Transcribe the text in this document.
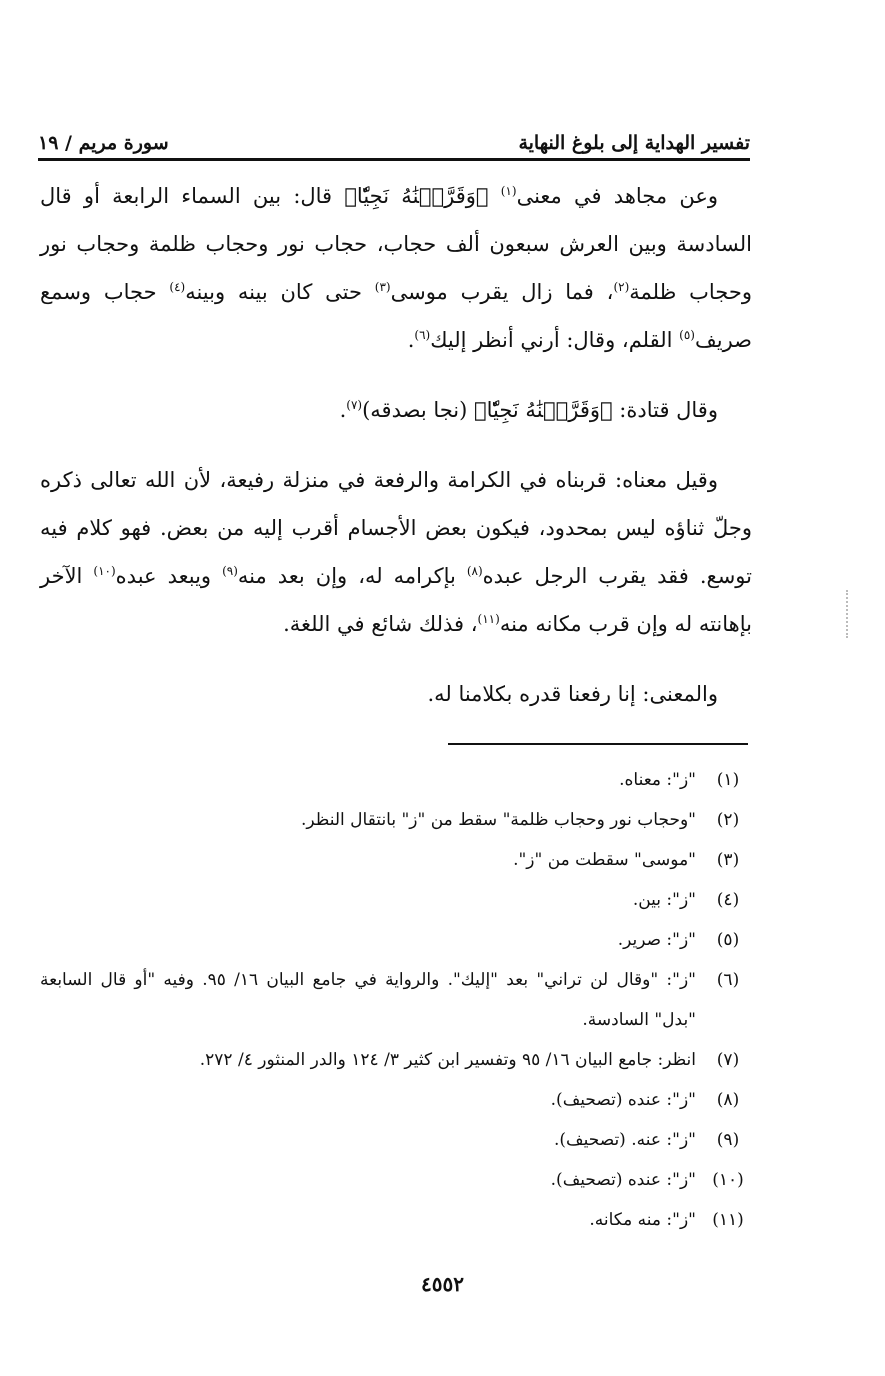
تفسير الهداية إلى بلوغ النهاية
سورة مريم / ١٩

وعن مجاهد في معنى$^{(١)}$ ﴿وَقَرَّبۡنَٰهُ نَجِيّٗا﴾ قال: بين السماء الرابعة أو قال السادسة وبين العرش سبعون ألف حجاب، حجاب نور وحجاب ظلمة وحجاب نور وحجاب ظلمة$^{(٢)}$، فما زال يقرب موسى$^{(٣)}$ حتى كان بينه وبينه$^{(٤)}$ حجاب وسمع صريف$^{(٥)}$ القلم، وقال: أرني أنظر إليك$^{(٦)}$.

وقال قتادة: ﴿وَقَرَّبۡنَٰهُ نَجِيّٗا﴾ (نجا بصدقه)$^{(٧)}$.

وقيل معناه: قربناه في الكرامة والرفعة في منزلة رفيعة، لأن الله تعالى ذكره وجلّ ثناؤه ليس بمحدود، فيكون بعض الأجسام أقرب إليه من بعض. فهو كلام فيه توسع. فقد يقرب الرجل عبده$^{(٨)}$ بإكرامه له، وإن بعد منه$^{(٩)}$ ويبعد عبده$^{(١٠)}$ الآخر بإهانته له وإن قرب مكانه منه$^{(١١)}$، فذلك شائع في اللغة.

والمعنى: إنا رفعنا قدره بكلامنا له.

(١)
"ز": معناه.
(٢)
"وحجاب نور وحجاب ظلمة" سقط من "ز" بانتقال النظر.
(٣)
"موسى" سقطت من "ز".
(٤)
"ز": بين.
(٥)
"ز": صرير.
(٦)
"ز": "وقال لن تراني" بعد "إليك". والرواية في جامع البيان ١٦/ ٩٥. وفيه "أو قال السابعة "بدل" السادسة.
(٧)
انظر: جامع البيان ١٦/ ٩٥ وتفسير ابن كثير ٣/ ١٢٤ والدر المنثور ٤/ ٢٧٢.
(٨)
"ز": عنده (تصحيف).
(٩)
"ز": عنه. (تصحيف).
(١٠)
"ز": عنده (تصحيف).
(١١)
"ز": منه مكانه.
٤٥٥٢
